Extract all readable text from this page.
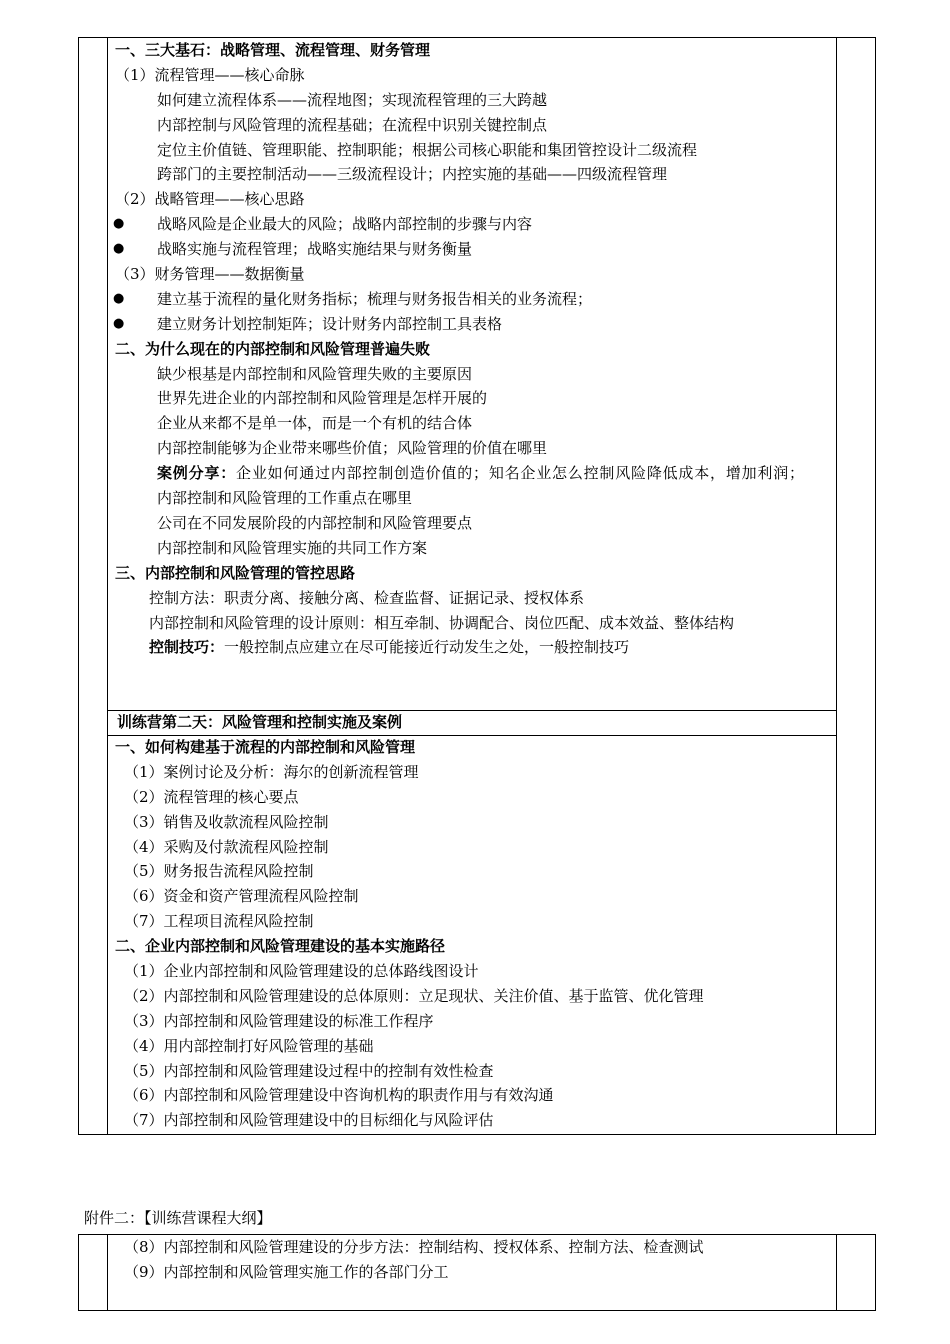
一、三大基石：战略管理、流程管理、财务管理
（1）流程管理——核心命脉
如何建立流程体系——流程地图；实现流程管理的三大跨越
内部控制与风险管理的流程基础；在流程中识别关键控制点
定位主价值链、管理职能、控制职能；根据公司核心职能和集团管控设计二级流程
跨部门的主要控制活动——三级流程设计；内控实施的基础——四级流程管理
（2）战略管理——核心思路
● 战略风险是企业最大的风险；战略内部控制的步骤与内容
● 战略实施与流程管理；战略实施结果与财务衡量
（3）财务管理——数据衡量
● 建立基于流程的量化财务指标；梳理与财务报告相关的业务流程；
● 建立财务计划控制矩阵；设计财务内部控制工具表格
二、为什么现在的内部控制和风险管理普遍失败
缺少根基是内部控制和风险管理失败的主要原因
世界先进企业的内部控制和风险管理是怎样开展的
企业从来都不是单一体，而是一个有机的结合体
内部控制能够为企业带来哪些价值；风险管理的价值在哪里
案例分享：企业如何通过内部控制创造价值的；知名企业怎么控制风险降低成本，增加利润；
内部控制和风险管理的工作重点在哪里
公司在不同发展阶段的内部控制和风险管理要点
内部控制和风险管理实施的共同工作方案
三、内部控制和风险管理的管控思路
控制方法：职责分离、接触分离、检查监督、证据记录、授权体系
内部控制和风险管理的设计原则：相互牵制、协调配合、岗位匹配、成本效益、整体结构
控制技巧：一般控制点应建立在尽可能接近行动发生之处，一般控制技巧
训练营第二天：风险管理和控制实施及案例
一、如何构建基于流程的内部控制和风险管理
（1）案例讨论及分析：海尔的创新流程管理
（2）流程管理的核心要点
（3）销售及收款流程风险控制
（4）采购及付款流程风险控制
（5）财务报告流程风险控制
（6）资金和资产管理流程风险控制
（7）工程项目流程风险控制
二、企业内部控制和风险管理建设的基本实施路径
（1）企业内部控制和风险管理建设的总体路线图设计
（2）内部控制和风险管理建设的总体原则：立足现状、关注价值、基于监管、优化管理
（3）内部控制和风险管理建设的标准工作程序
（4）用内部控制打好风险管理的基础
（5）内部控制和风险管理建设过程中的控制有效性检查
（6）内部控制和风险管理建设中咨询机构的职责作用与有效沟通
（7）内部控制和风险管理建设中的目标细化与风险评估
附件二：【训练营课程大纲】
（8）内部控制和风险管理建设的分步方法：控制结构、授权体系、控制方法、检查测试
（9）内部控制和风险管理实施工作的各部门分工
